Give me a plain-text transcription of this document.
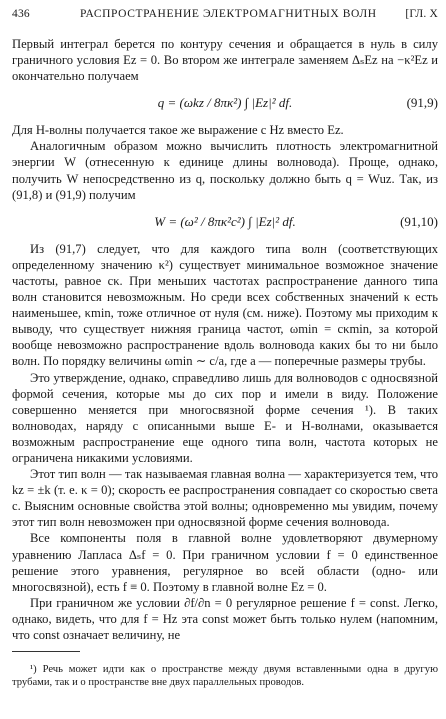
436	РАСПРОСТРАНЕНИЕ ЭЛЕКТРОМАГНИТНЫХ ВОЛН [ГЛ. X

Первый интеграл берется по контуру сечения и обращается в нуль в силу граничного условия Ez = 0. Во втором же интеграле заменяем ΔₛEz на −κ²Ez и окончательно получаем

q = (ωkz / 8πκ²) ∫ |Ez|² df.	(91,9)

Для H-волны получается такое же выражение с Hz вместо Ez.

Аналогичным образом можно вычислить плотность электромагнитной энергии W (отнесенную к единице длины волновода). Проще, однако, получить W непосредственно из q, поскольку должно быть q = Wuz. Так, из (91,8) и (91,9) получим

W = (ω² / 8πκ²c²) ∫ |Ez|² df.	(91,10)

Из (91,7) следует, что для каждого типа волн (соответствующих определенному значению κ²) существует минимальное возможное значение частоты, равное cκ. При меньших частотах распространение данного типа волн становится невозможным. Но среди всех собственных значений κ есть наименьшее, κmin, тоже отличное от нуля (см. ниже). Поэтому мы приходим к выводу, что существует нижняя граница частот, ωmin = cκmin, за которой вообще невозможно распространение вдоль волновода каких бы то ни было волн. По порядку величины ωmin ∼ c/a, где a — поперечные размеры трубы.

Это утверждение, однако, справедливо лишь для волноводов с односвязной формой сечения, которые мы до сих пор и имели в виду. Положение совершенно меняется при многосвязной форме сечения ¹). В таких волноводах, наряду с описанными выше E- и H-волнами, оказывается возможным распространение еще одного типа волн, частота которых не ограничена никакими условиями.

Этот тип волн — так называемая главная волна — характеризуется тем, что kz = ±k (т. е. κ = 0); скорость ее распространения совпадает со скоростью света c. Выясним основные свойства этой волны; одновременно мы увидим, почему этот тип волн невозможен при односвязной форме сечения волновода.

Все компоненты поля в главной волне удовлетворяют двумерному уравнению Лапласа Δₛf = 0. При граничном условии f = 0 единственное решение этого уравнения, регулярное во всей области (одно- или многосвязной), есть f ≡ 0. Поэтому в главной волне Ez = 0.

При граничном же условии ∂f/∂n = 0 регулярное решение f = const. Легко, однако, видеть, что для f = Hz эта const может быть только нулем (напомним, что const означает величину, не

¹) Речь может идти как о пространстве между двумя вставленными одна в другую трубами, так и о пространстве вне двух параллельных проводов.
